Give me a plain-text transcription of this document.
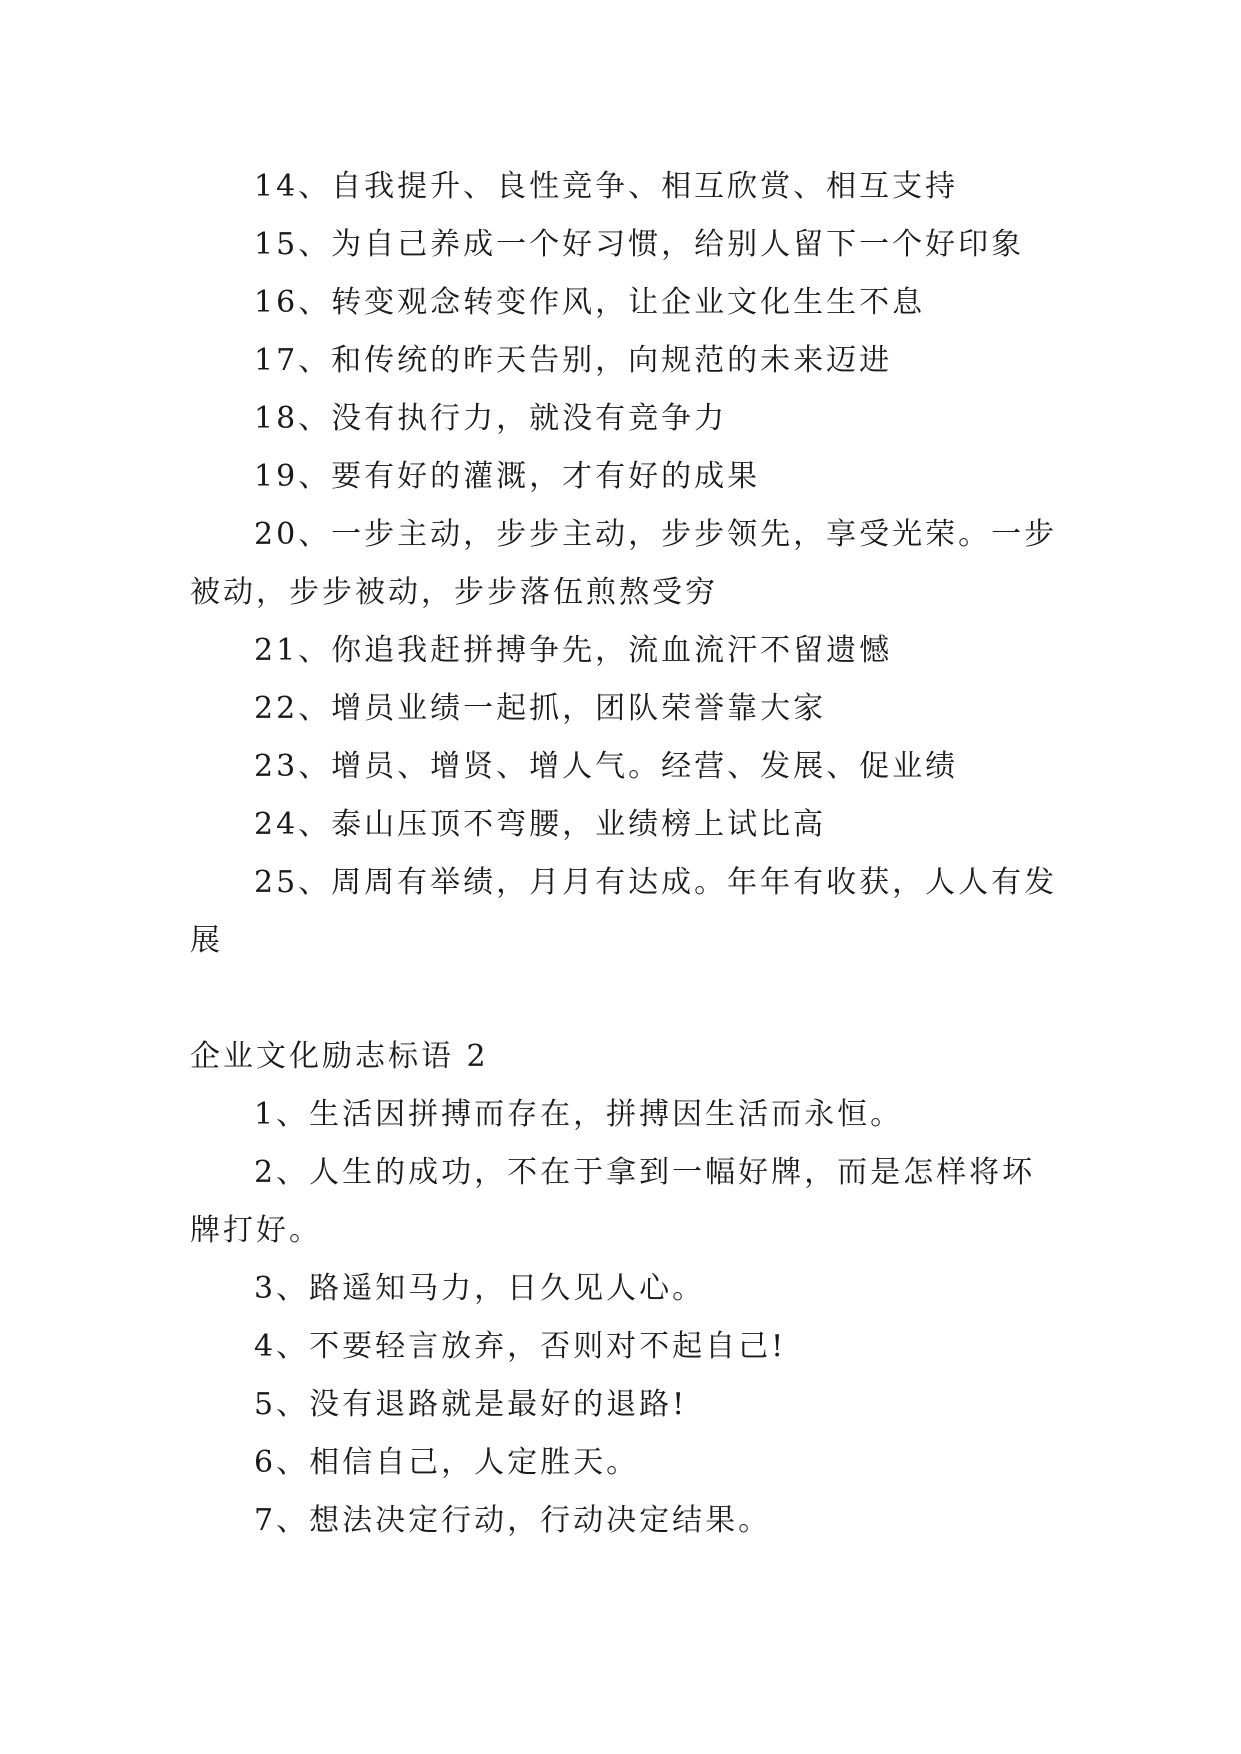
14、自我提升、良性竞争、相互欣赏、相互支持
15、为自己养成一个好习惯，给别人留下一个好印象
16、转变观念转变作风，让企业文化生生不息
17、和传统的昨天告别，向规范的未来迈进
18、没有执行力，就没有竞争力
19、要有好的灌溉，才有好的成果
20、一步主动，步步主动，步步领先，享受光荣。一步
被动，步步被动，步步落伍煎熬受穷
21、你追我赶拼搏争先，流血流汗不留遗憾
22、增员业绩一起抓，团队荣誉靠大家
23、增员、增贤、增人气。经营、发展、促业绩
24、泰山压顶不弯腰，业绩榜上试比高
25、周周有举绩，月月有达成。年年有收获，人人有发
展
企业文化励志标语 2
1、生活因拼搏而存在，拼搏因生活而永恒。
2、人生的成功，不在于拿到一幅好牌，而是怎样将坏
牌打好。
3、路遥知马力，日久见人心。
4、不要轻言放弃，否则对不起自己!
5、没有退路就是最好的退路!
6、相信自己，人定胜天。
7、想法决定行动，行动决定结果。
